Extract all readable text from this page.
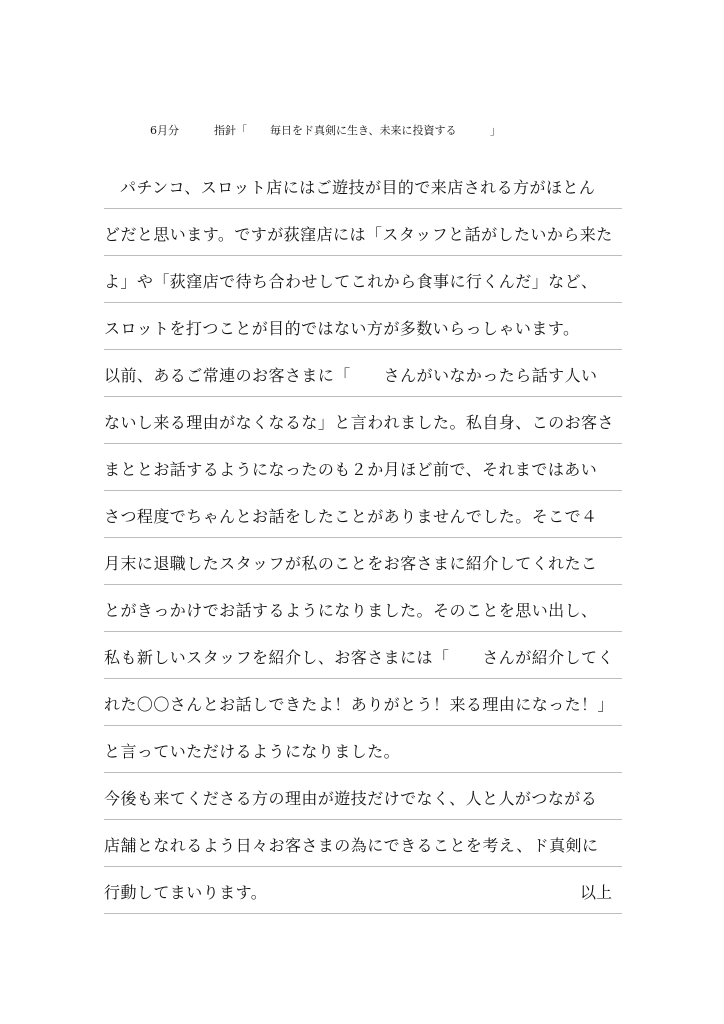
6月分	指針「 毎日をド真剣に生き、未来に投資する	」
パチンコ、スロット店にはご遊技が目的で来店される方がほとん
どだと思います。ですが荻窪店には「スタッフと話がしたいから来た
よ」や「荻窪店で待ち合わせしてこれから食事に行くんだ」など、
スロットを打つことが目的ではない方が多数いらっしゃいます。
以前、あるご常連のお客さまに「　　さんがいなかったら話す人い
ないし来る理由がなくなるな」と言われました。私自身、このお客さ
まととお話するようになったのも２か月ほど前で、それまではあい
さつ程度でちゃんとお話をしたことがありませんでした。そこで４
月末に退職したスタッフが私のことをお客さまに紹介してくれたこ
とがきっかけでお話するようになりました。そのことを思い出し、
私も新しいスタッフを紹介し、お客さまには「　　さんが紹介してく
れた〇〇さんとお話しできたよ！ありがとう！来る理由になった！」
と言っていただけるようになりました。
今後も来てくださる方の理由が遊技だけでなく、人と人がつながる
店舗となれるよう日々お客さまの為にできることを考え、ド真剣に
行動してまいります。	以上
